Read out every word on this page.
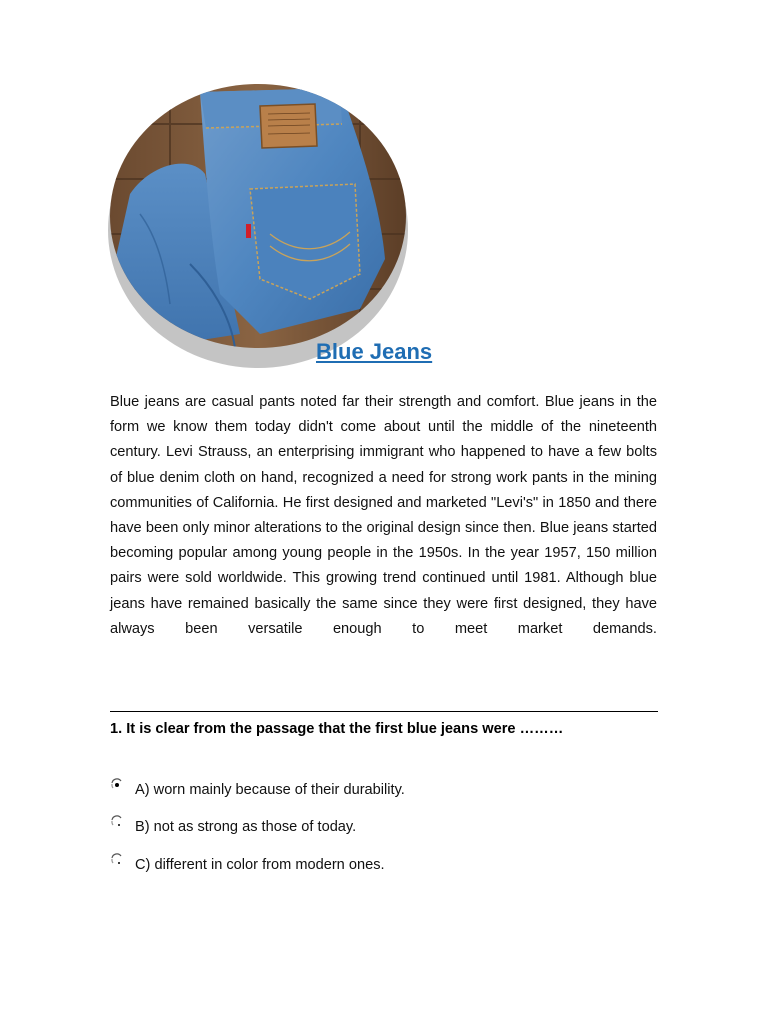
Blue Jeans

Blue jeans are casual pants noted far their strength and comfort. Blue jeans in the form we know them today didn't come about until the middle of the nineteenth century. Levi Strauss, an enterprising immigrant who happened to have a few bolts of blue denim cloth on hand, recognized a need for strong work pants in the mining communities of California. He first designed and marketed "Levi's" in 1850 and there have been only minor alterations to the original design since then. Blue jeans started becoming popular among young people in the 1950s. In the year 1957, 150 million pairs were sold worldwide. This growing trend continued until 1981. Although blue jeans have remained basically the same since they were first designed, they have always been versatile enough to meet market demands.

1. It is clear from the passage that the first blue jeans were ………

A) worn mainly because of their durability.
B) not as strong as those of today.
C) different in color from modern ones.
